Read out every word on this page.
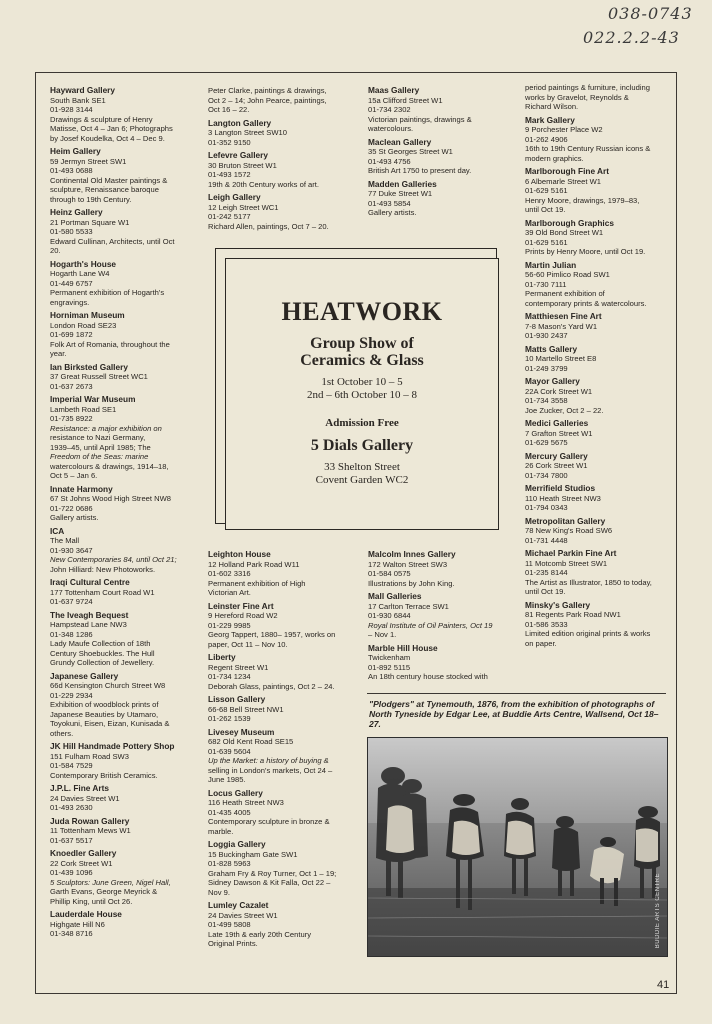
038-0743
022.2.2-43
Hayward Gallery
South Bank SE1
01-928 3144
Drawings & sculpture of Henry
Matisse, Oct 4 – Jan 6; Photographs
by Josef Koudelka, Oct 4 – Dec 9.
Heim Gallery
59 Jermyn Street SW1
01-493 0688
Continental Old Master paintings &
sculpture, Renaissance baroque
through to 19th Century.
Heinz Gallery
21 Portman Square W1
01-580 5533
Edward Cullinan, Architects, until Oct
20.
Hogarth's House
Hogarth Lane W4
01-449 6757
Permanent exhibition of Hogarth's
engravings.
Horniman Museum
London Road SE23
01-699 1872
Folk Art of Romania, throughout the
year.
Ian Birksted Gallery
37 Great Russell Street WC1
01-637 2673
Imperial War Museum
Lambeth Road SE1
01-735 8922
Resistance: a major exhibition on
resistance to Nazi Germany,
1939–45, until April 1985; The
Freedom of the Seas: marine
watercolours & drawings, 1914–18,
Oct 5 – Jan 6.
Innate Harmony
67 St Johns Wood High Street NW8
01-722 0686
Gallery artists.
ICA
The Mall
01-930 3647
New Contemporaries 84, until Oct 21;
John Hilliard: New Photoworks.
Iraqi Cultural Centre
177 Tottenham Court Road W1
01-637 9724
The Iveagh Bequest
Hampstead Lane NW3
01-348 1286
Lady Maufe Collection of 18th
Century Shoebuckles. The Hull
Grundy Collection of Jewellery.
Japanese Gallery
66d Kensington Church Street W8
01-229 2934
Exhibition of woodblock prints of
Japanese Beauties by Utamaro,
Toyokuni, Eisen, Eizan, Kunisada &
others.
JK Hill Handmade Pottery Shop
151 Fulham Road SW3
01-584 7529
Contemporary British Ceramics.
J.P.L. Fine Arts
24 Davies Street W1
01-493 2630
Juda Rowan Gallery
11 Tottenham Mews W1
01-637 5517
Knoedler Gallery
22 Cork Street W1
01-439 1096
5 Sculptors: June Green, Nigel Hall,
Garth Evans, George Meyrick &
Phillip King, until Oct 26.
Lauderdale House
Highgate Hill N6
01-348 8716
Peter Clarke, paintings & drawings,
Oct 2 – 14; John Pearce, paintings,
Oct 16 – 22.
Langton Gallery
3 Langton Street SW10
01-352 9150
Lefevre Gallery
30 Bruton Street W1
01-493 1572
19th & 20th Century works of art.
Leigh Gallery
12 Leigh Street WC1
01-242 5177
Richard Allen, paintings, Oct 7 – 20.
Leighton House
12 Holland Park Road W11
01-602 3316
Permanent exhibition of High
Victorian Art.
Leinster Fine Art
9 Hereford Road W2
01-229 9985
Georg Tappert, 1880– 1957, works on
paper, Oct 11 – Nov 10.
Liberty
Regent Street W1
01-734 1234
Deborah Glass, paintings, Oct 2 – 24.
Lisson Gallery
66-68 Bell Street NW1
01-262 1539
Livesey Museum
682 Old Kent Road SE15
01-639 5604
Up the Market: a history of buying &
selling in London's markets, Oct 24 –
June 1985.
Locus Gallery
116 Heath Street NW3
01-435 4005
Contemporary sculpture in bronze &
marble.
Loggia Gallery
15 Buckingham Gate SW1
01-828 5963
Graham Fry & Roy Turner, Oct 1 – 19;
Sidney Dawson & Kit Falla, Oct 22 –
Nov 9.
Lumley Cazalet
24 Davies Street W1
01-499 5808
Late 19th & early 20th Century
Original Prints.
Maas Gallery
15a Clifford Street W1
01-734 2302
Victorian paintings, drawings &
watercolours.
Maclean Gallery
35 St Georges Street W1
01-493 4756
British Art 1750 to present day.
Madden Galleries
77 Duke Street W1
01-493 5854
Gallery artists.
Malcolm Innes Gallery
172 Walton Street SW3
01-584 0575
Illustrations by John King.
Mall Galleries
17 Carlton Terrace SW1
01-930 6844
Royal Institute of Oil Painters, Oct 19
– Nov 1.
Marble Hill House
Twickenham
01-892 5115
An 18th century house stocked with
period paintings & furniture, including
works by Gravelot, Reynolds &
Richard Wilson.
Mark Gallery
9 Porchester Place W2
01-262 4906
16th to 19th Century Russian icons &
modern graphics.
Marlborough Fine Art
6 Albemarle Street W1
01-629 5161
Henry Moore, drawings, 1979–83,
until Oct 19.
Marlborough Graphics
39 Old Bond Street W1
01-629 5161
Prints by Henry Moore, until Oct 19.
Martin Julian
56-60 Pimlico Road SW1
01-730 7111
Permanent exhibition of
contemporary prints & watercolours.
Matthiesen Fine Art
7-8 Mason's Yard W1
01-930 2437
Matts Gallery
10 Martello Street E8
01-249 3799
Mayor Gallery
22A Cork Street W1
01-734 3558
Joe Zucker, Oct 2 – 22.
Medici Galleries
7 Grafton Street W1
01-629 5675
Mercury Gallery
26 Cork Street W1
01-734 7800
Merrifield Studios
110 Heath Street NW3
01-794 0343
Metropolitan Gallery
78 New King's Road SW6
01-731 4448
Michael Parkin Fine Art
11 Motcomb Street SW1
01-235 8144
The Artist as Illustrator, 1850 to today,
until Oct 19.
Minsky's Gallery
81 Regents Park Road NW1
01-586 3533
Limited edition original prints & works
on paper.
HEATWORK
Group Show of
Ceramics & Glass
1st October 10 – 5
2nd – 6th October 10 – 8
Admission Free
5 Dials Gallery
33 Shelton Street
Covent Garden WC2
"Plodgers" at Tynemouth, 1876, from the exhibition of photographs of North Tyneside by Edgar Lee, at Buddie Arts Centre, Wallsend, Oct 18–27.
BUDDIE ARTS CENTRE
41
